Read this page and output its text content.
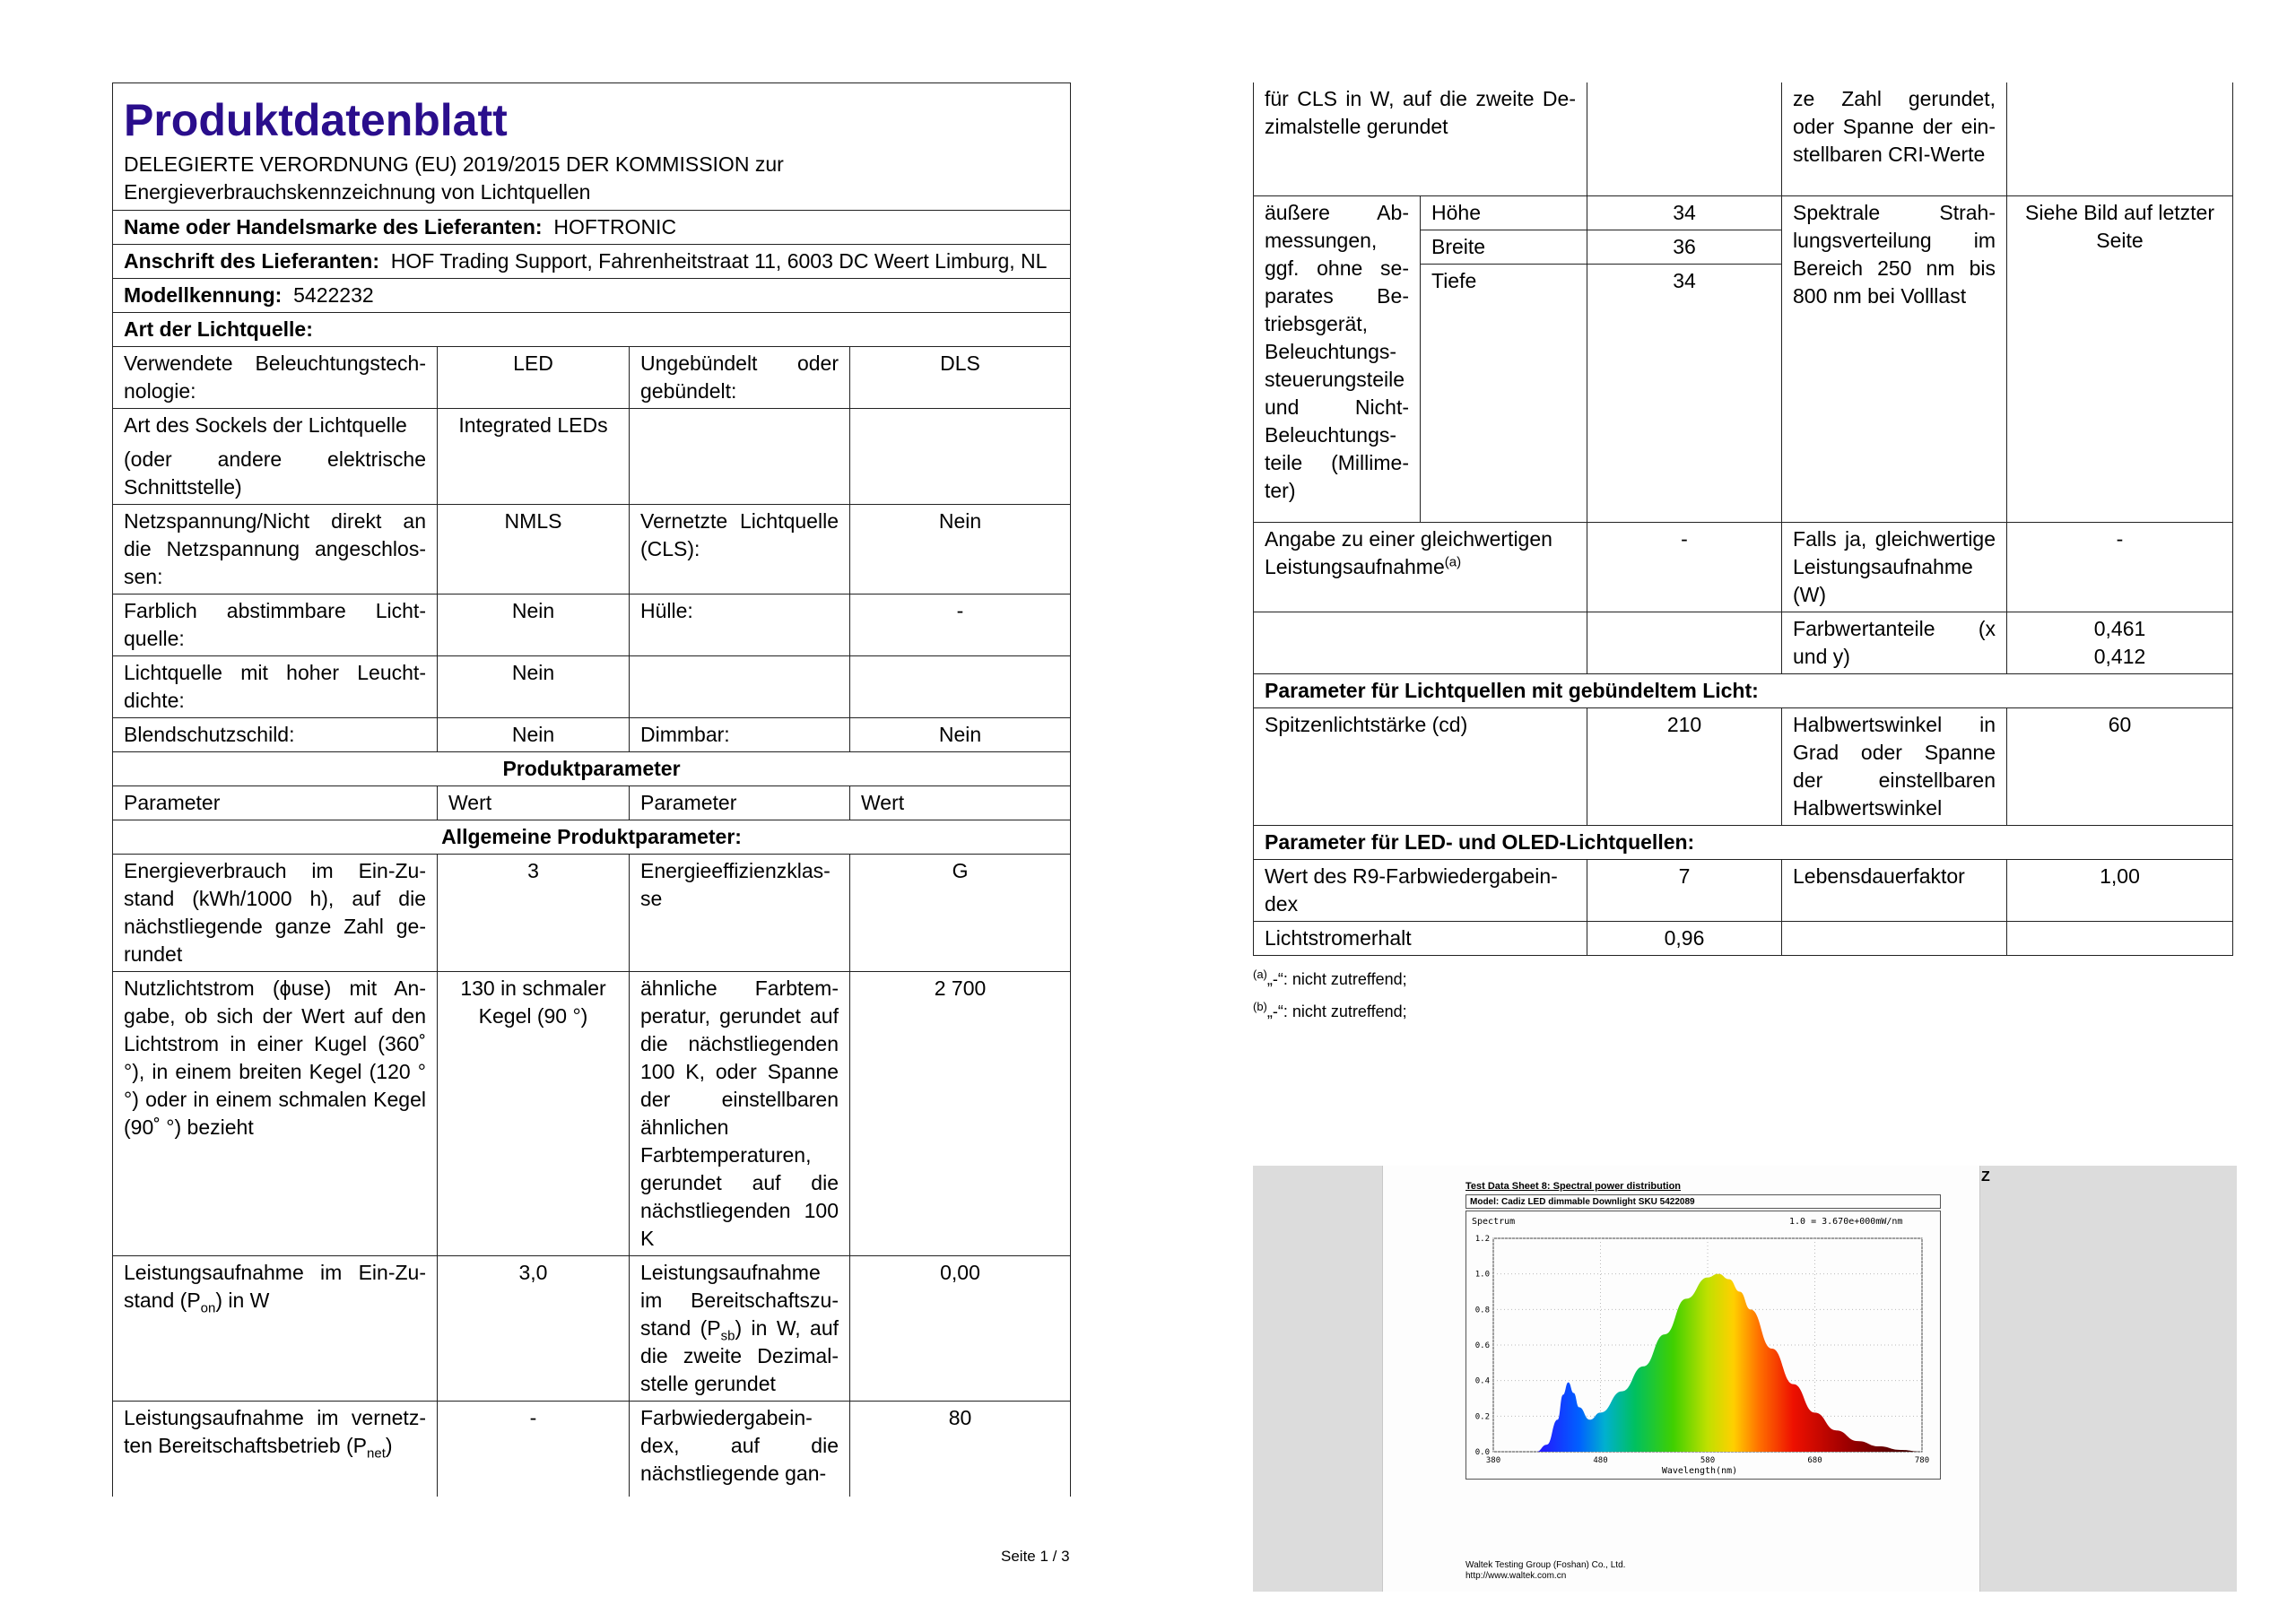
Produktdatenblatt
DELEGIERTE VERORDNUNG (EU) 2019/2015 DER KOMMISSION zur Energieverbrauchskennzeichnung von Lichtquellen			

Name oder Handelsmarke des Lieferanten: HOFTRONIC			
Anschrift des Lieferanten: HOF Trading Support, Fahrenheitstraat 11, 6003 DC Weert Limburg, NL			
Modellkennung: 5422232			
Art der Lichtquelle:			
Verwendete Beleuchtungstechnologie:	LED	Ungebündelt oder gebündelt:	DLS

Art des Sockels der Lichtquelle
(oder andere elektrische Schnittstelle)	Integrated LEDs		
Netzspannung/Nicht direkt an die Netzspannung angeschlossen:	NMLS	Vernetzte Lichtquelle (CLS):	Nein
Farblich abstimmbare Lichtquelle:	Nein	Hülle:	-
Lichtquelle mit hoher Leuchtdichte:	Nein		
Blendschutzschild:	Nein	Dimmbar:	Nein
Produktparameter			
Parameter	Wert	Parameter	Wert
Allgemeine Produktparameter:			
Energieverbrauch im Ein-Zustand (kWh/1000 h), auf die nächstliegende ganze Zahl gerundet	3	Energieeffizienzklasse	G
Nutzlichtstrom (ϕuse) mit Angabe, ob sich der Wert auf den Lichtstrom in einer Kugel (360˚ °), in einem breiten Kegel (120 °°) oder in einem schmalen Kegel (90˚ °) bezieht	130 in schmaler Kegel (90 °)	ähnliche Farbtemperatur, gerundet auf die nächstliegenden 100 K, oder Spanne der einstellbaren ähnlichen Farbtemperaturen, gerundet auf die nächstliegenden 100 K	2 700
Leistungsaufnahme im Ein-Zustand $(P_{on})$ in W	3,0	Leistungsaufnahme im Bereitschaftszustand $(P_{sb})$ in W, auf die zweite Dezimalstelle gerundet	0,00
Leistungsaufnahme im vernetzten Bereitschaftsbetrieb $(P_{net})$	-	Farbwiedergabeindex, auf die nächstliegende gan-	80
Seite 1 / 3
für CLS in W, auf die zweite Dezimalstelle gerundet			ze Zahl gerundet, oder Spanne der einstellbaren CRI-Werte	
äußere Abmessungen, ggf. ohne separates Betriebsgerät, Beleuchtungssteuerungsteile und Nicht-Beleuchtungsteile (Millimeter)	Höhe	34	Spektrale Strahlungsverteilung im Bereich 250 nm bis 800 nm bei Volllast	Siehe Bild auf letzter Seite
	Breite	36		
	Tiefe	34		

Angabe zu einer gleichwertigen Leistungsaufnahme$^{(a)}$		-	Falls ja, gleichwertige Leistungsaufnahme (W)	-
			Farbwertanteile (x und y)	0,461
0,412

Parameter für Lichtquellen mit gebündeltem Licht:				
Spitzenlichtstärke (cd)		210	Halbwertswinkel in Grad oder Spanne der einstellbaren Halbwertswinkel	60
Parameter für LED- und OLED-Lichtquellen:				
Wert des R9-Farbwiedergabeindex		7	Lebensdauerfaktor	1,00
Lichtstromerhalt		0,96		
$^{(a)}$„-“: nicht zutreffend;
$^{(b)}$„-“: nicht zutreffend;
Test Data Sheet 8: Spectral power distribution
Model: Cadiz LED dimmable Downlight SKU 5422089
0.0
0.2
0.4
0.6
0.8
1.0
1.2
380	480	580	680	780
Spectrum	1.0 = 3.670e+000mW/nm
Wavelength(nm)
Waltek Testing Group (Foshan) Co., Ltd.
http://www.waltek.com.cn
Z
